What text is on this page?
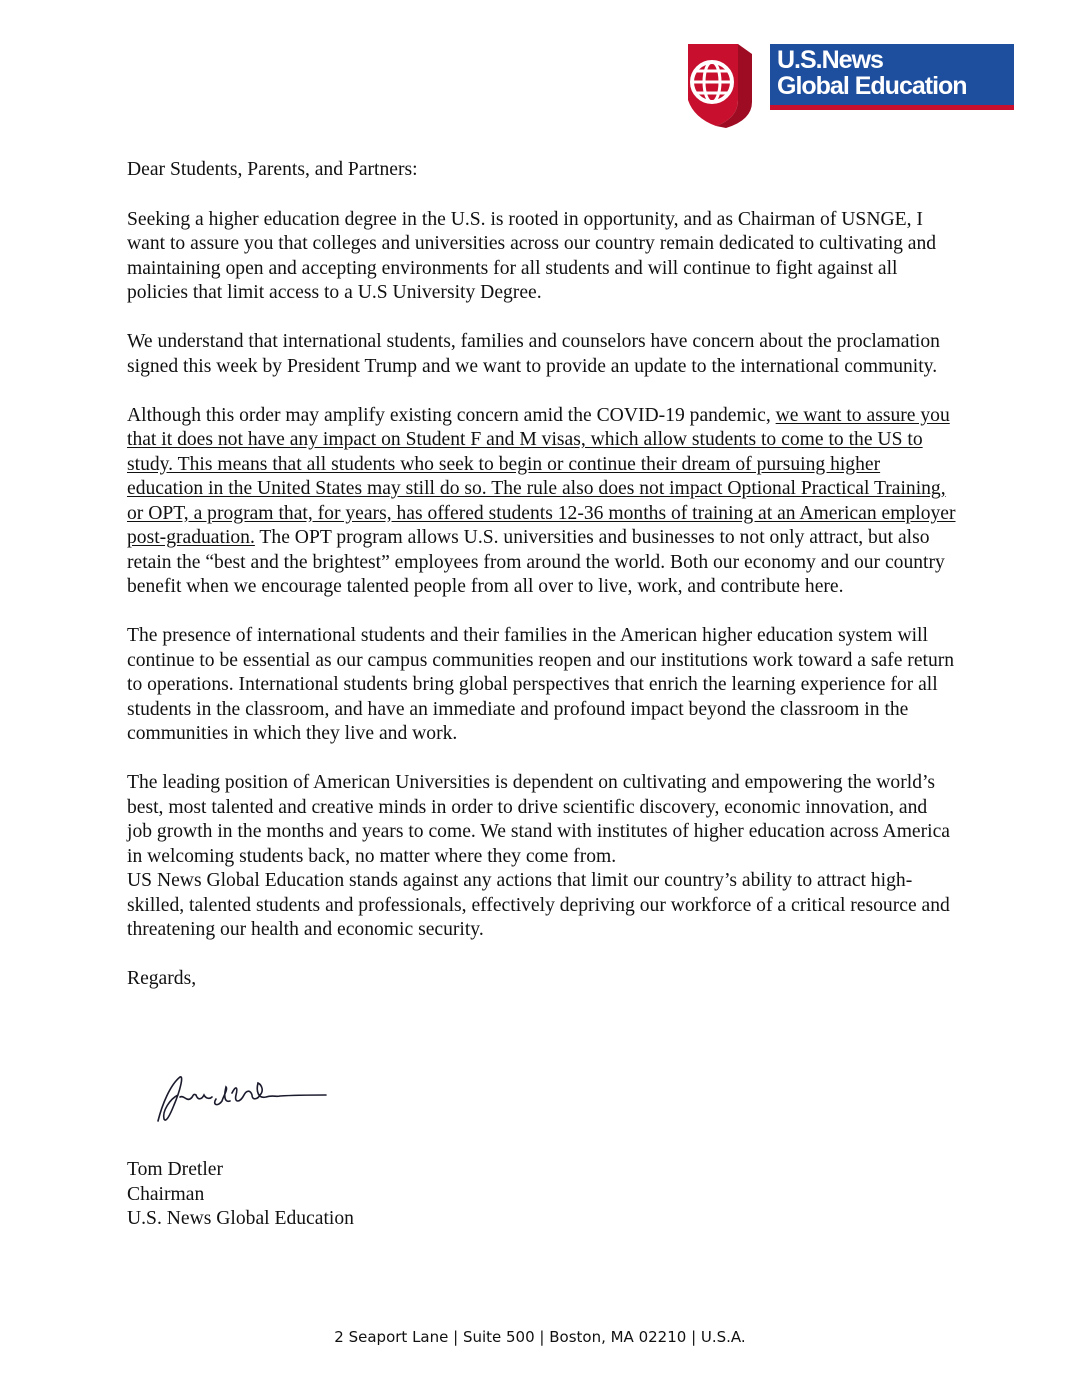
U.S.News
Global Education

Dear Students, Parents, and Partners:

Seeking a higher education degree in the U.S. is rooted in opportunity, and as Chairman of USNGE, I want to assure you that colleges and universities across our country remain dedicated to cultivating and maintaining open and accepting environments for all students and will continue to fight against all policies that limit access to a U.S University Degree.

We understand that international students, families and counselors have concern about the proclamation signed this week by President Trump and we want to provide an update to the international community.

Although this order may amplify existing concern amid the COVID-19 pandemic, we want to assure you that it does not have any impact on Student F and M visas, which allow students to come to the US to study. This means that all students who seek to begin or continue their dream of pursuing higher education in the United States may still do so. The rule also does not impact Optional Practical Training, or OPT, a program that, for years, has offered students 12-36 months of training at an American employer post-graduation. The OPT program allows U.S. universities and businesses to not only attract, but also retain the “best and the brightest” employees from around the world. Both our economy and our country benefit when we encourage talented people from all over to live, work, and contribute here.

The presence of international students and their families in the American higher education system will continue to be essential as our campus communities reopen and our institutions work toward a safe return to operations. International students bring global perspectives that enrich the learning experience for all students in the classroom, and have an immediate and profound impact beyond the classroom in the communities in which they live and work.

The leading position of American Universities is dependent on cultivating and empowering the world’s best, most talented and creative minds in order to drive scientific discovery, economic innovation, and job growth in the months and years to come. We stand with institutes of higher education across America in welcoming students back, no matter where they come from.
US News Global Education stands against any actions that limit our country’s ability to attract high-skilled, talented students and professionals, effectively depriving our workforce of a critical resource and threatening our health and economic security.

Regards,

Tom Dretler
Chairman
U.S. News Global Education
2 Seaport Lane | Suite 500 | Boston, MA 02210 | U.S.A.
